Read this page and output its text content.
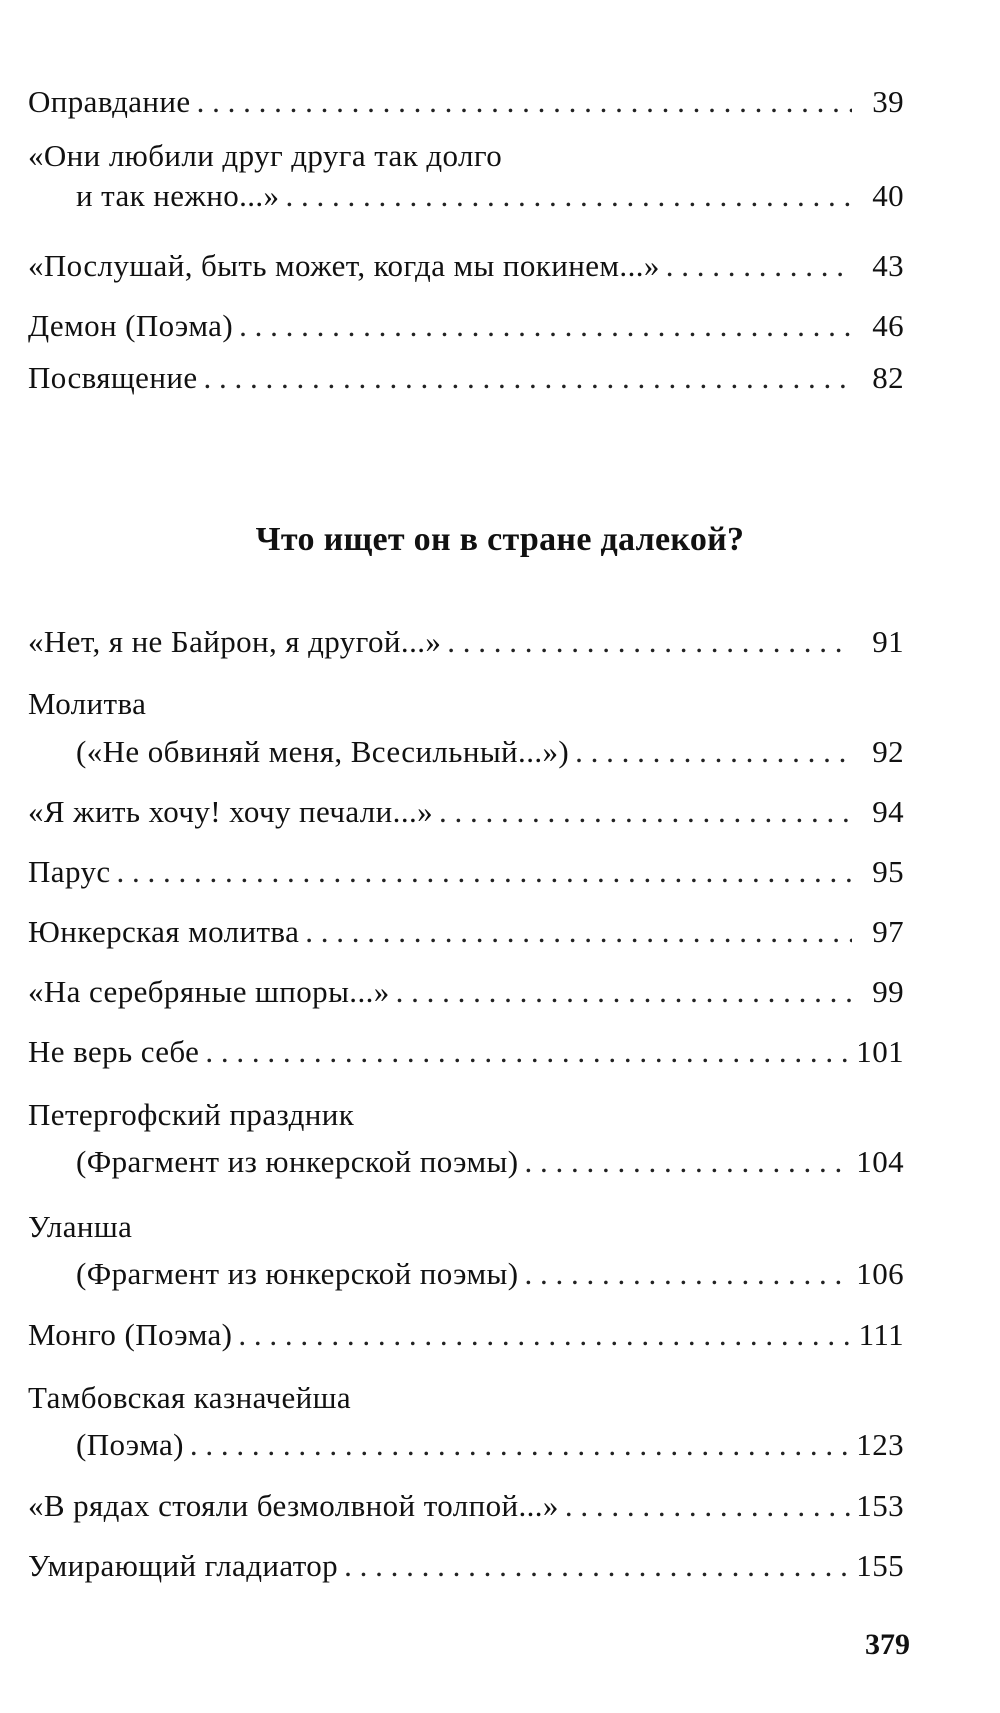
Оправдание . . .	39
«Они любили друг друга так долго
и так нежно...» . . .	40
«Послушай, быть может, когда мы покинем...» . . .	43
Демон (Поэма) . . .	46
Посвящение . . .	82
Что ищет он в стране далекой?
«Нет, я не Байрон, я другой...» . . .	91
Молитва
(«Не обвиняй меня, Всесильный...») . . .	92
«Я жить хочу! хочу печали...» . . .	94
Парус . . .	95
Юнкерская молитва . . .	97
«На серебряные шпоры...» . . .	99
Не верь себе . . .	101
Петергофский праздник
(Фрагмент из юнкерской поэмы) . . .	104
Уланша
(Фрагмент из юнкерской поэмы) . . .	106
Монго (Поэма) . . .	111
Тамбовская казначейша
(Поэма) . . .	123
«В рядах стояли безмолвной толпой...» . . .	153
Умирающий гладиатор . . .	155
379
